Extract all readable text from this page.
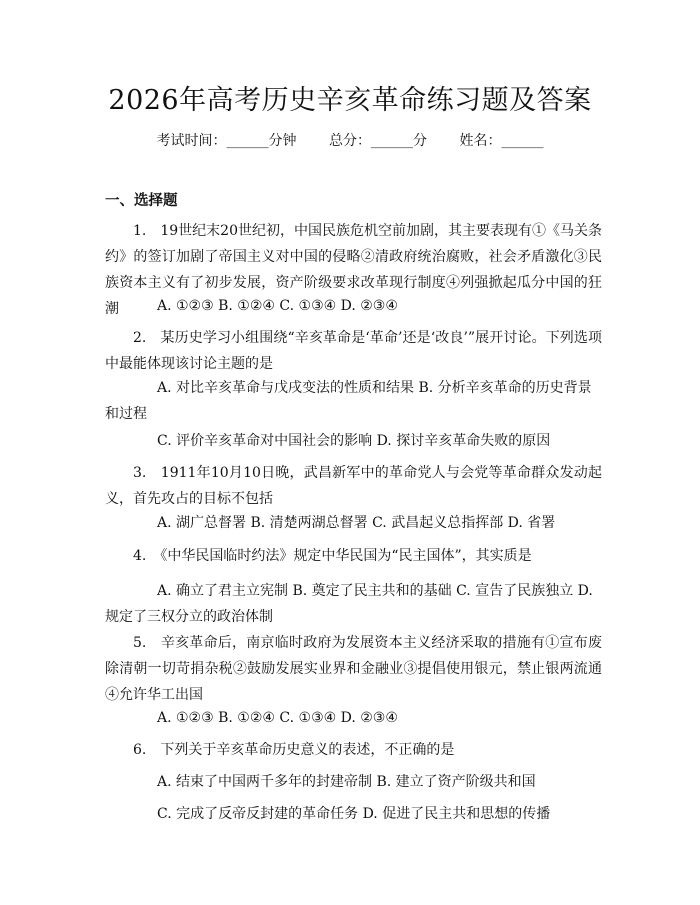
2026年高考历史辛亥革命练习题及答案
考试时间：______分钟 总分：______分 姓名：______
一、选择题
1.　19世纪末20世纪初，中国民族危机空前加剧，其主要表现有①《马关条约》的签订加剧了帝国主义对中国的侵略②清政府统治腐败，社会矛盾激化③民族资本主义有了初步发展，资产阶级要求改革现行制度④列强掀起瓜分中国的狂潮	A. ①②③ B. ①②④ C. ①③④ D. ②③④
2.　某历史学习小组围绕“辛亥革命是‘革命’还是‘改良’”展开讨论。下列选项中最能体现该讨论主题的是
A. 对比辛亥革命与戊戌变法的性质和结果 B. 分析辛亥革命的历史背景和过程
C. 评价辛亥革命对中国社会的影响 D. 探讨辛亥革命失败的原因
3.　1911年10月10日晚，武昌新军中的革命党人与会党等革命群众发动起义，首先攻占的目标不包括
A. 湖广总督署 B. 清楚两湖总督署 C. 武昌起义总指挥部 D. 省署
4.　《中华民国临时约法》规定中华民国为“民主国体”，其实质是
A. 确立了君主立宪制 B. 奠定了民主共和的基础 C. 宣告了民族独立 D. 规定了三权分立的政治体制
5.　辛亥革命后，南京临时政府为发展资本主义经济采取的措施有①宣布废除清朝一切苛捐杂税②鼓励发展实业界和金融业③提倡使用银元，禁止银两流通④允许华工出国
A. ①②③ B. ①②④ C. ①③④ D. ②③④
6.　下列关于辛亥革命历史意义的表述，不正确的是
A. 结束了中国两千多年的封建帝制 B. 建立了资产阶级共和国
C. 完成了反帝反封建的革命任务 D. 促进了民主共和思想的传播
